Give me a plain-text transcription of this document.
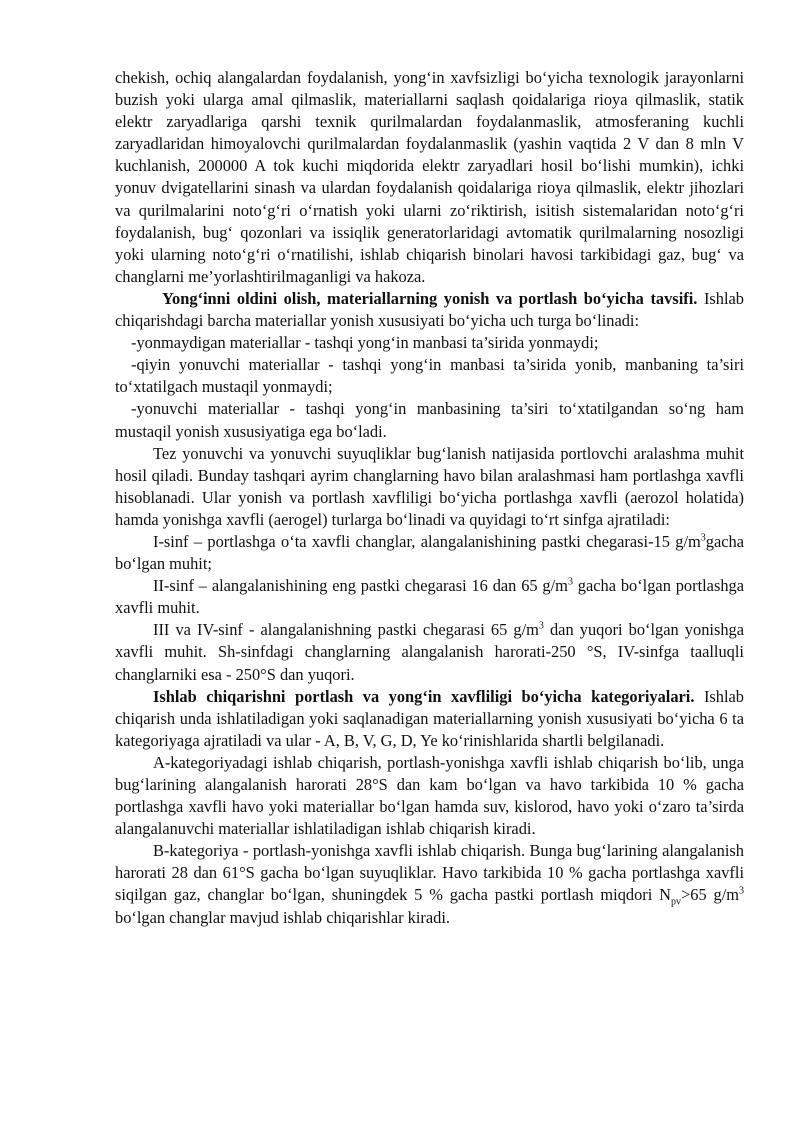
chekish, ochiq alangalardan foydalanish, yong‘in xavfsizligi bo‘yicha texnologik jarayonlarni buzish yoki ularga amal qilmaslik, materiallarni saqlash qoidalariga rioya qilmaslik, statik elektr zaryadlariga qarshi texnik qurilmalardan foydalanmaslik, atmosferaning kuchli zaryadlaridan himoyalovchi qurilmalardan foydalanmaslik (yashin vaqtida 2 V dan 8 mln V kuchlanish, 200000 A tok kuchi miqdorida elektr zaryadlari hosil bo‘lishi mumkin), ichki yonuv dvigatellarini sinash va ulardan foydalanish qoidalariga rioya qilmaslik, elektr jihozlari va qurilmalarini noto‘g‘ri o‘rnatish yoki ularni zo‘riktirish, isitish sistemalaridan noto‘g‘ri foydalanish, bug‘ qozonlari va issiqlik generatorlaridagi avtomatik qurilmalarning nosozligi yoki ularning noto‘g‘ri o‘rnatilishi, ishlab chiqarish binolari havosi tarkibidagi gaz, bug‘ va changlarni me’yorlashtirilmaganligi va hakoza.

Yong‘inni oldini olish, materiallarning yonish va portlash bo‘yicha tavsifi. Ishlab chiqarishdagi barcha materiallar yonish xususiyati bo‘yicha uch turga bo‘linadi:

-yonmaydigan materiallar - tashqi yong‘in manbasi ta’sirida yonmaydi;

-qiyin yonuvchi materiallar - tashqi yong‘in manbasi ta’sirida yonib, manbaning ta’siri to‘xtatilgach mustaqil yonmaydi;

-yonuvchi materiallar - tashqi yong‘in manbasining ta’siri to‘xtatilgandan so‘ng ham mustaqil yonish xususiyatiga ega bo‘ladi.

Tez yonuvchi va yonuvchi suyuqliklar bug‘lanish natijasida portlovchi aralashma muhit hosil qiladi. Bunday tashqari ayrim changlarning havo bilan aralashmasi ham portlashga xavfli hisoblanadi. Ular yonish va portlash xavfliligi bo‘yicha portlashga xavfli (aerozol holatida) hamda yonishga xavfli (aerogel) turlarga bo‘linadi va quyidagi to‘rt sinfga ajratiladi:

I-sinf – portlashga o‘ta xavfli changlar, alangalanishining pastki chegarasi-15 $g/m^3gacha$ bo‘lgan muhit;

II-sinf – alangalanishining eng pastki chegarasi 16 dan 65 $g/m^3$ gacha bo‘lgan portlashga xavfli muhit.

III va IV-sinf - alangalanishning pastki chegarasi 65 $g/m^3$ dan yuqori bo‘lgan yonishga xavfli muhit. Sh-sinfdagi changlarning alangalanish harorati-250 °S, IV-sinfga taalluqli changlarniki esa - 250°S dan yuqori.

Ishlab chiqarishni portlash va yong‘in xavfliligi bo‘yicha kategoriyalari. Ishlab chiqarish unda ishlatiladigan yoki saqlanadigan materiallarning yonish xususiyati bo‘yicha 6 ta kategoriyaga ajratiladi va ular - A, B, V, G, D, Ye ko‘rinishlarida shartli belgilanadi.

A-kategoriyadagi ishlab chiqarish, portlash-yonishga xavfli ishlab chiqarish bo‘lib, unga bug‘larining alangalanish harorati 28°S dan kam bo‘lgan va havo tarkibida 10 % gacha portlashga xavfli havo yoki materiallar bo‘lgan hamda suv, kislorod, havo yoki o‘zaro ta’sirda alangalanuvchi materiallar ishlatiladigan ishlab chiqarish kiradi.

B-kategoriya - portlash-yonishga xavfli ishlab chiqarish. Bunga bug‘larining alangalanish harorati 28 dan 61°S gacha bo‘lgan suyuqliklar. Havo tarkibida 10 % gacha portlashga xavfli siqilgan gaz, changlar bo‘lgan, shuningdek 5 % gacha pastki portlash miqdori $N_{pv}>65$ $g/m^3$ bo‘lgan changlar mavjud ishlab chiqarishlar kiradi.
